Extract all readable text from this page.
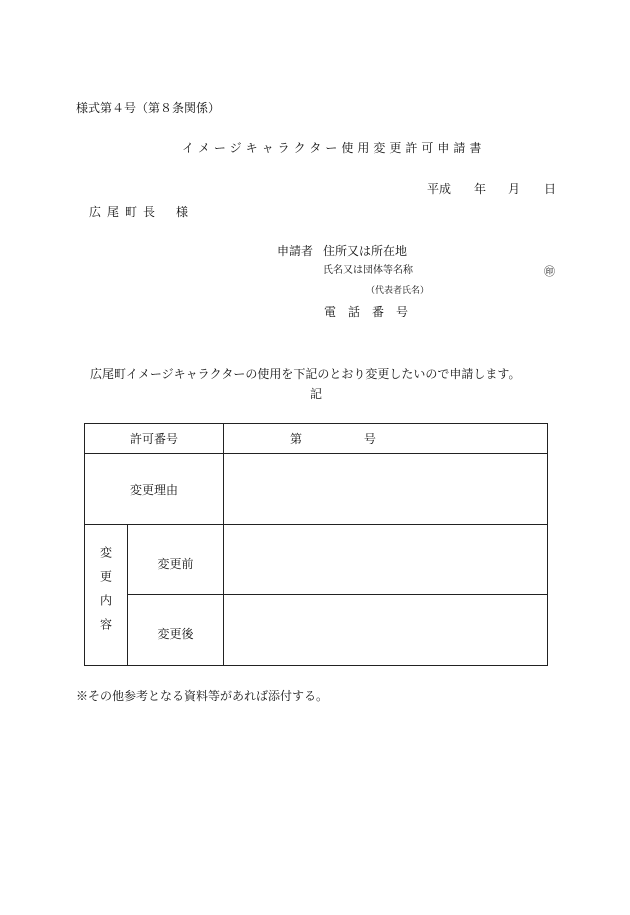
様式第４号（第８条関係）
イメージキャラクター使用変更許可申請書
平成 年 月 日
広尾町長 様
申請者 住所又は所在地
氏名又は団体等名称	㊞
（代表者氏名）
電話番号
広尾町イメージキャラクターの使用を下記のとおり変更したいので申請します。
記
許可番号		第 号
変更理由		
変更内容	変更前	
	変更後	
※その他参考となる資料等があれば添付する。
